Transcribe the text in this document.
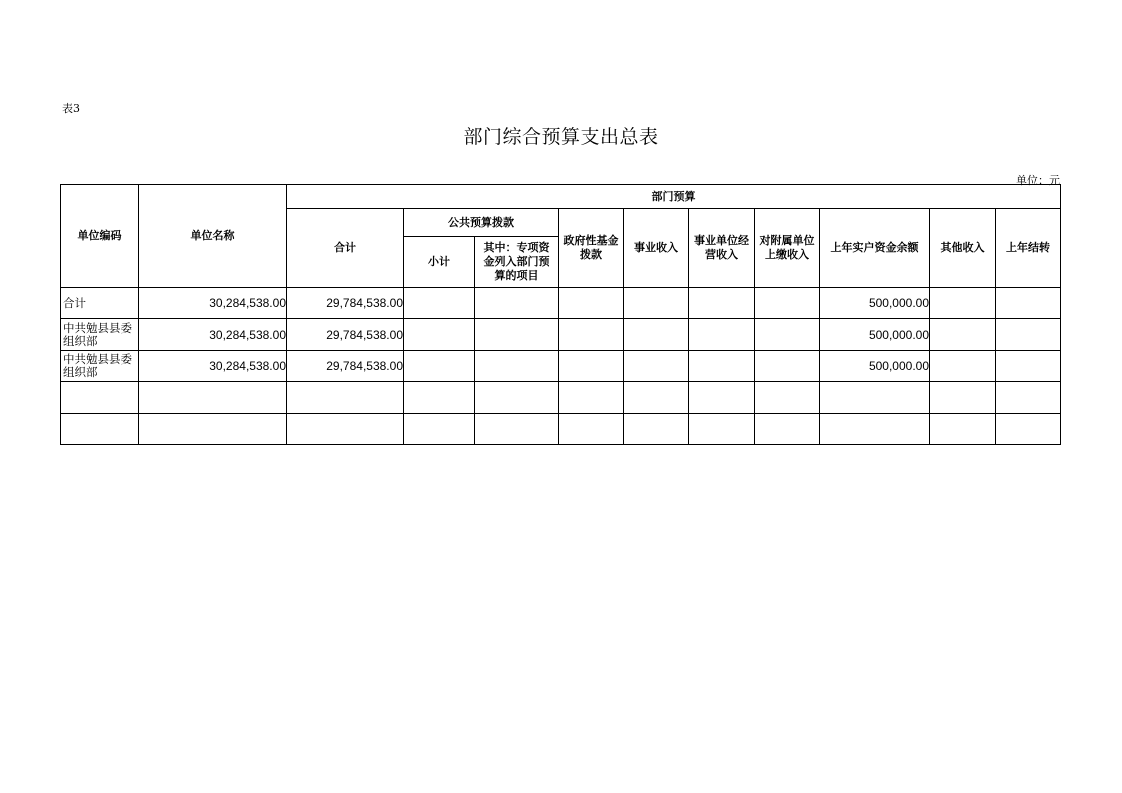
表3
部门综合预算支出总表
单位：元
单位编码	单位名称	部门预算									
		合计	公共预算拨款		政府性基金拨款	事业收入	事业单位经营收入	对附属单位上缴收入	上年实户资金余额	其他收入	上年结转
			小计	其中：专项资金列入部门预算的项目							
合计	30,284,538.00	29,784,538.00							500,000.00		
中共勉县县委组织部	30,284,538.00	29,784,538.00							500,000.00		
中共勉县县委组织部	30,284,538.00	29,784,538.00							500,000.00		
